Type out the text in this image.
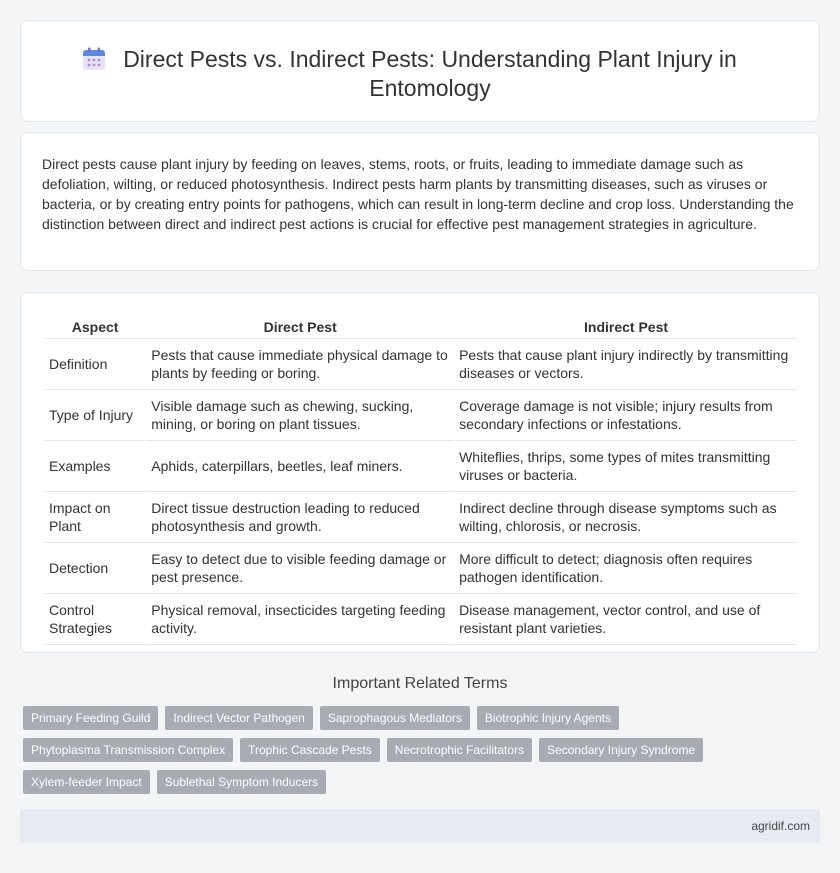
Direct Pests vs. Indirect Pests: Understanding Plant Injury in Entomology

Direct pests cause plant injury by feeding on leaves, stems, roots, or fruits, leading to immediate damage such as defoliation, wilting, or reduced photosynthesis. Indirect pests harm plants by transmitting diseases, such as viruses or bacteria, or by creating entry points for pathogens, which can result in long-term decline and crop loss. Understanding the distinction between direct and indirect pest actions is crucial for effective pest management strategies in agriculture.

Aspect	Direct Pest	Indirect Pest
Definition	Pests that cause immediate physical damage to plants by feeding or boring.	Pests that cause plant injury indirectly by transmitting diseases or vectors.
Type of Injury	Visible damage such as chewing, sucking, mining, or boring on plant tissues.	Coverage damage is not visible; injury results from secondary infections or infestations.
Examples	Aphids, caterpillars, beetles, leaf miners.	Whiteflies, thrips, some types of mites transmitting viruses or bacteria.
Impact on Plant	Direct tissue destruction leading to reduced photosynthesis and growth.	Indirect decline through disease symptoms such as wilting, chlorosis, or necrosis.
Detection	Easy to detect due to visible feeding damage or pest presence.	More difficult to detect; diagnosis often requires pathogen identification.
Control Strategies	Physical removal, insecticides targeting feeding activity.	Disease management, vector control, and use of resistant plant varieties.
Important Related Terms
Primary Feeding Guild	Indirect Vector Pathogen	Saprophagous Mediators	Biotrophic Injury Agents
Phytoplasma Transmission Complex	Trophic Cascade Pests	Necrotrophic Facilitators	Secondary Injury Syndrome
Xylem-feeder Impact	Sublethal Symptom Inducers
agridif.com
